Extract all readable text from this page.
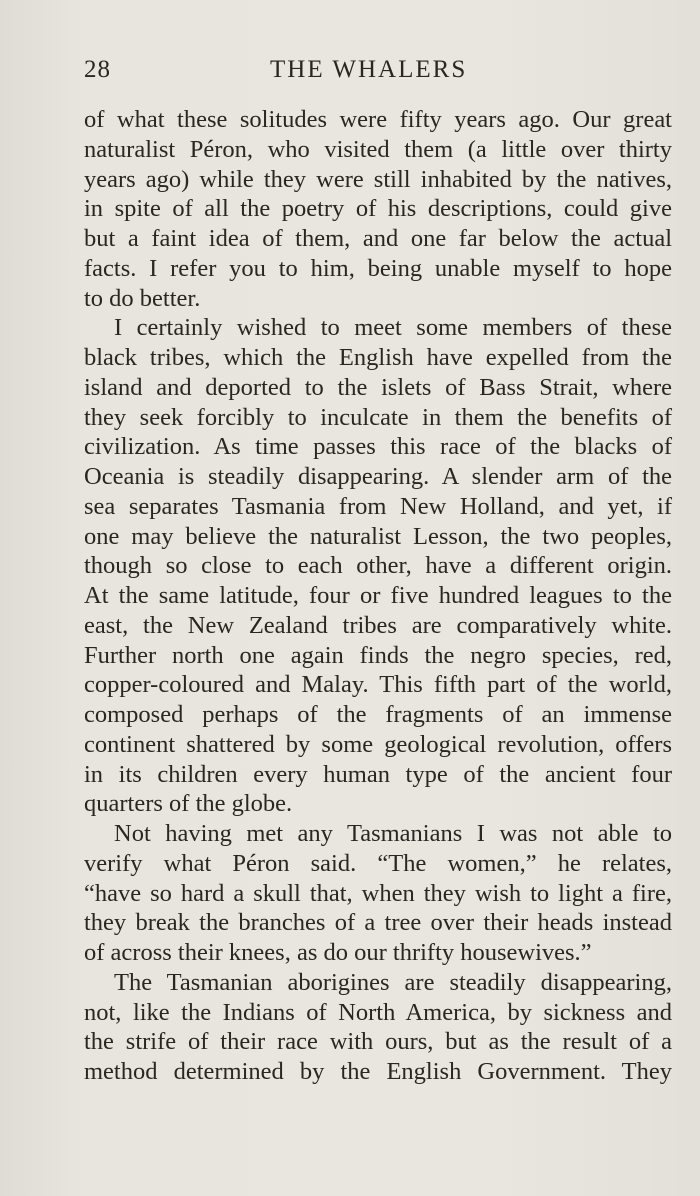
28	THE WHALERS
of what these solitudes were fifty years ago. Our great
naturalist Péron, who visited them (a little over thirty
years ago) while they were still inhabited by the natives,
in spite of all the poetry of his descriptions, could give
but a faint idea of them, and one far below the actual
facts. I refer you to him, being unable myself to hope
to do better.
I certainly wished to meet some members of these
black tribes, which the English have expelled from the
island and deported to the islets of Bass Strait, where
they seek forcibly to inculcate in them the benefits of
civilization. As time passes this race of the blacks of
Oceania is steadily disappearing. A slender arm of the
sea separates Tasmania from New Holland, and yet, if
one may believe the naturalist Lesson, the two peoples,
though so close to each other, have a different origin.
At the same latitude, four or five hundred leagues to the
east, the New Zealand tribes are comparatively white.
Further north one again finds the negro species, red,
copper-coloured and Malay. This fifth part of the world,
composed perhaps of the fragments of an immense
continent shattered by some geological revolution, offers
in its children every human type of the ancient four
quarters of the globe.
Not having met any Tasmanians I was not able to
verify what Péron said. “The women,” he relates,
“have so hard a skull that, when they wish to light a fire,
they break the branches of a tree over their heads instead
of across their knees, as do our thrifty housewives.”
The Tasmanian aborigines are steadily disappearing,
not, like the Indians of North America, by sickness and
the strife of their race with ours, but as the result of a
method determined by the English Government. They
